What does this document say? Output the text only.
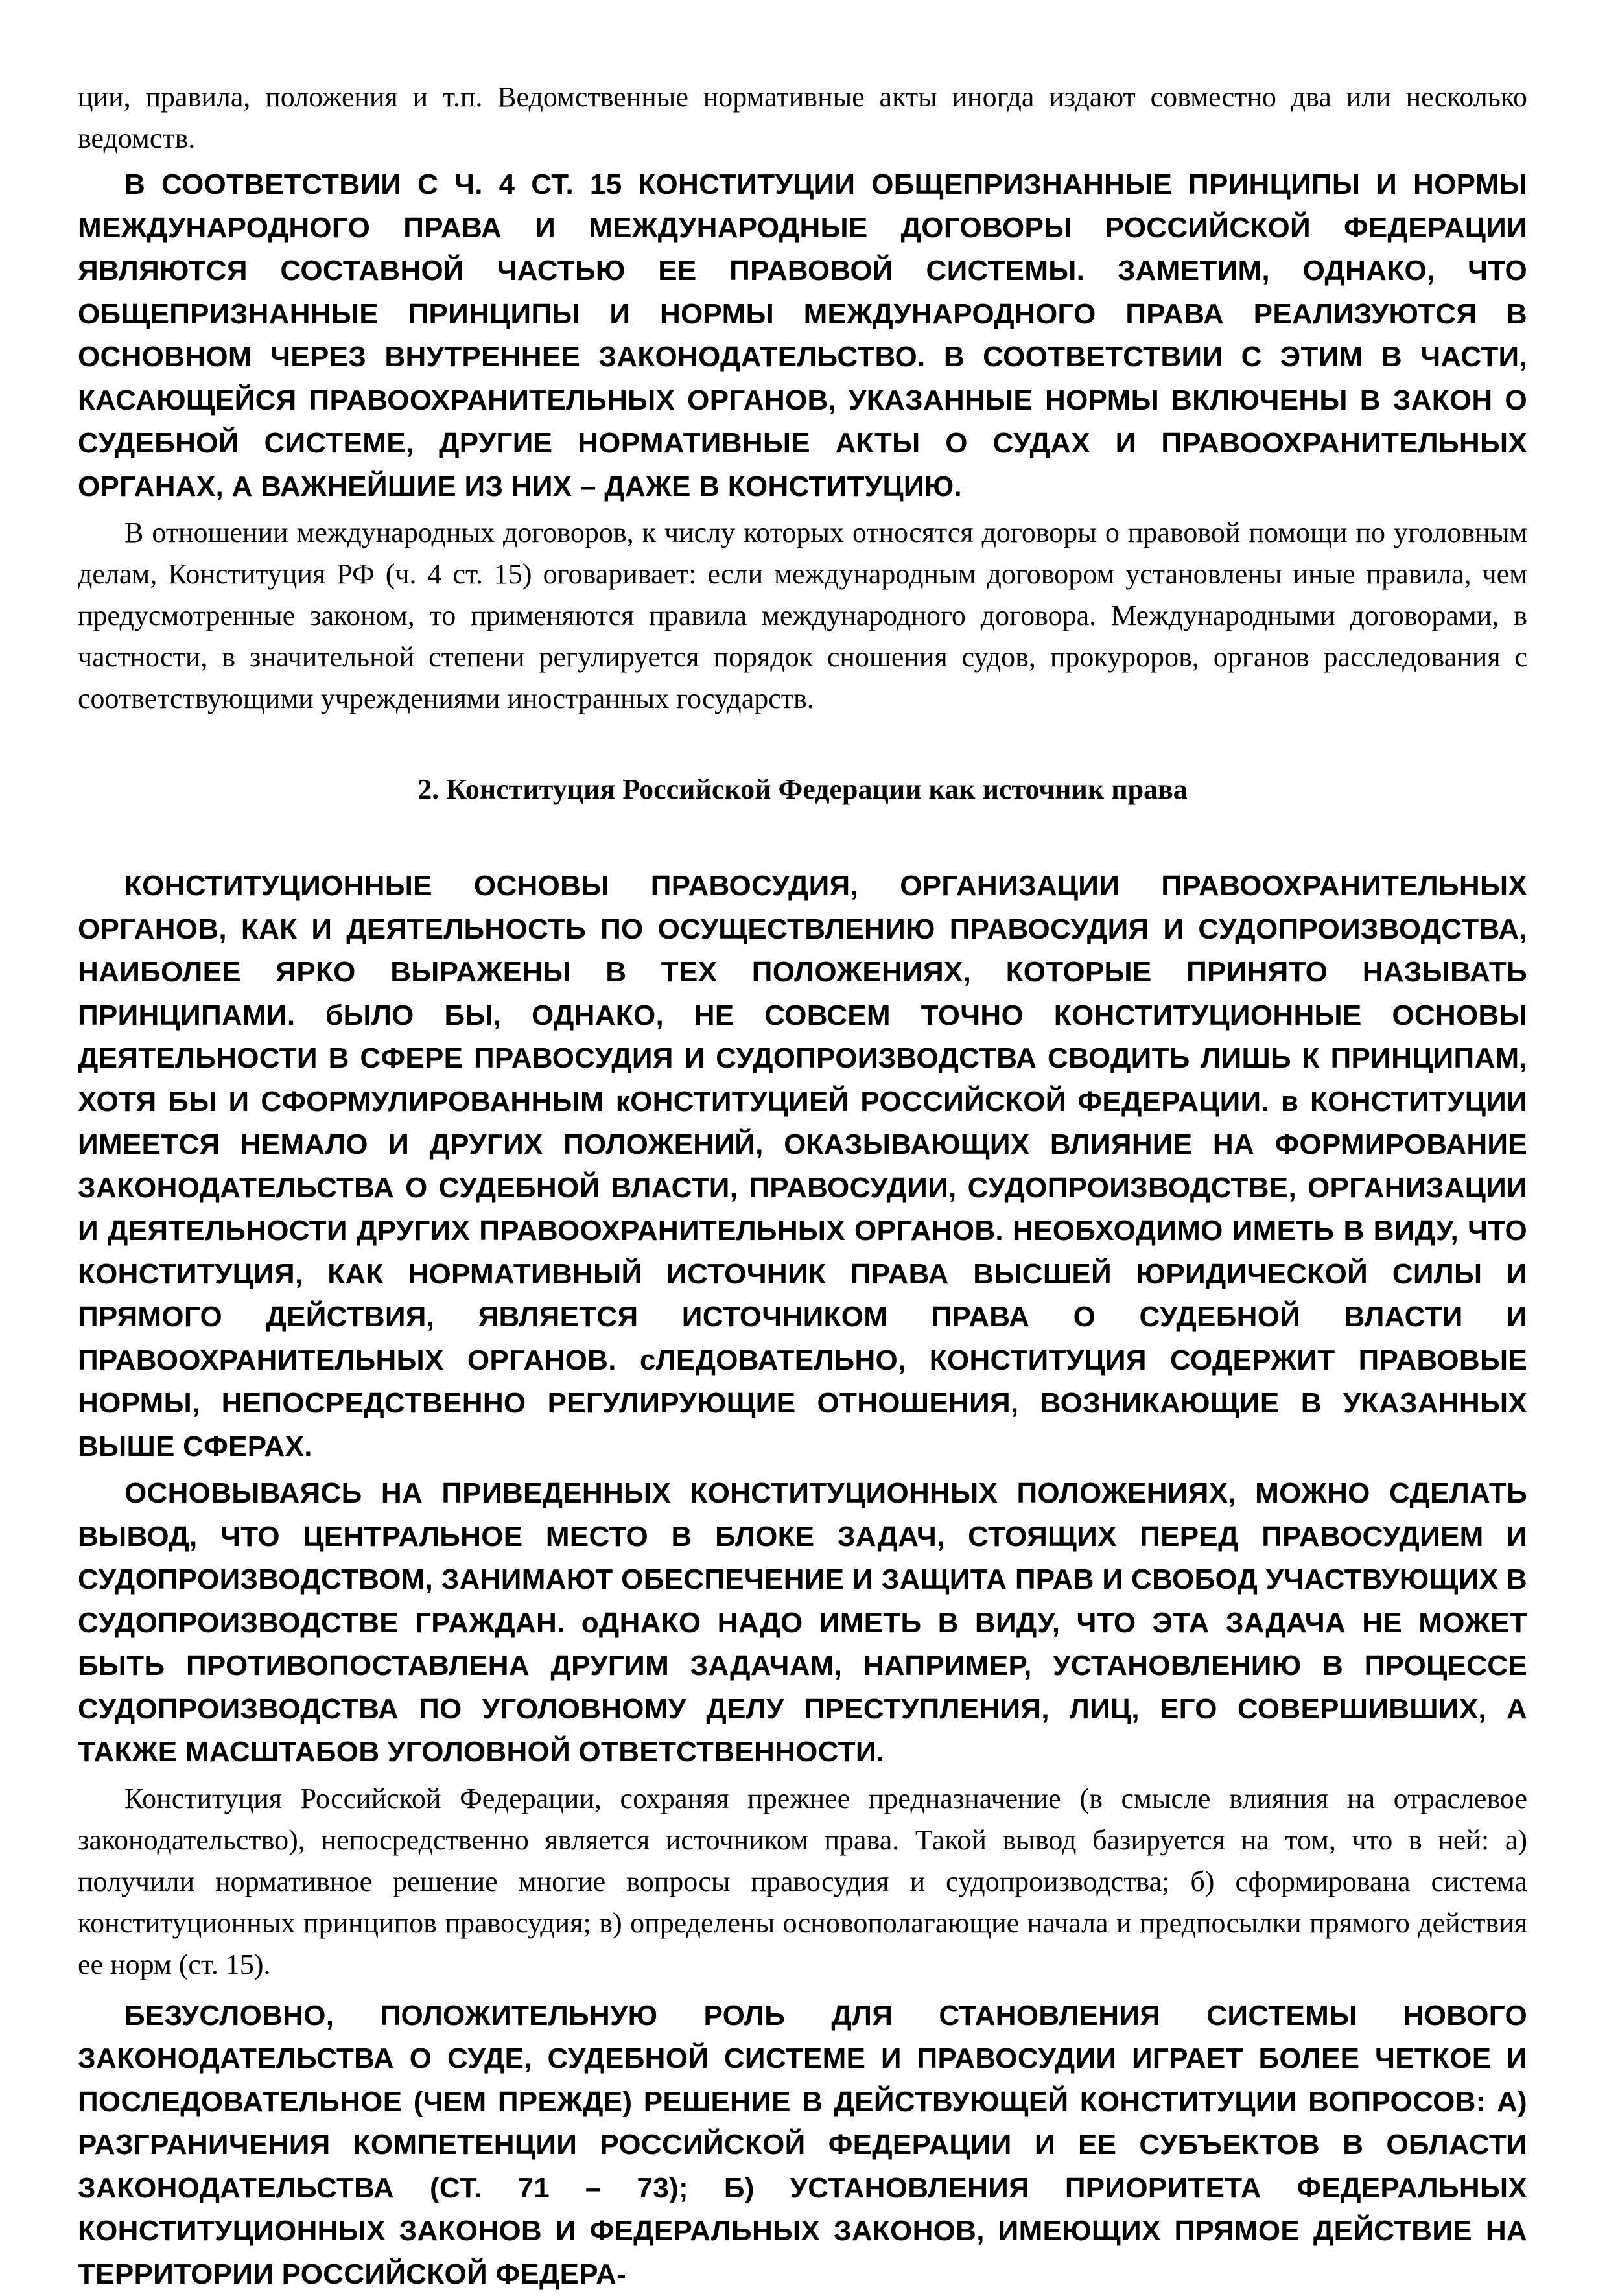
ции, правила, положения и т.п. Ведомственные нормативные акты иногда издают совместно два или несколько ведомств.

В СООТВЕТСТВИИ С Ч. 4 СТ. 15 КОНСТИТУЦИИ ОБЩЕПРИЗНАННЫЕ ПРИНЦИПЫ И НОРМЫ МЕЖДУНАРОДНОГО ПРАВА И МЕЖДУНАРОДНЫЕ ДОГОВОРЫ РОССИЙСКОЙ ФЕДЕРАЦИИ ЯВЛЯЮТСЯ СОСТАВНОЙ ЧАСТЬЮ ЕЕ ПРАВОВОЙ СИСТЕМЫ. ЗАМЕТИМ, ОДНАКО, ЧТО ОБЩЕПРИЗНАННЫЕ ПРИНЦИПЫ И НОРМЫ МЕЖДУНАРОДНОГО ПРАВА РЕАЛИЗУЮТСЯ В ОСНОВНОМ ЧЕРЕЗ ВНУТРЕННЕЕ ЗАКОНОДАТЕЛЬСТВО. В СООТВЕТСТВИИ С ЭТИМ В ЧАСТИ, КАСАЮЩЕЙСЯ ПРАВООХРАНИТЕЛЬНЫХ ОРГАНОВ, УКАЗАННЫЕ НОРМЫ ВКЛЮЧЕНЫ В ЗАКОН О СУДЕБНОЙ СИСТЕМЕ, ДРУГИЕ НОРМАТИВНЫЕ АКТЫ О СУДАХ И ПРАВООХРАНИТЕЛЬНЫХ ОРГАНАХ, А ВАЖНЕЙШИЕ ИЗ НИХ – ДАЖЕ В КОНСТИТУЦИЮ.

В отношении международных договоров, к числу которых относятся договоры о правовой помощи по уголовным делам, Конституция РФ (ч. 4 ст. 15) оговаривает: если международным договором установлены иные правила, чем предусмотренные законом, то применяются правила международного договора. Международными договорами, в частности, в значительной степени регулируется порядок сношения судов, прокуроров, органов расследования с соответствующими учреждениями иностранных государств.

2. Конституция Российской Федерации как источник права

КОНСТИТУЦИОННЫЕ ОСНОВЫ ПРАВОСУДИЯ, ОРГАНИЗАЦИИ ПРАВООХРАНИТЕЛЬНЫХ ОРГАНОВ, КАК И ДЕЯТЕЛЬНОСТЬ ПО ОСУЩЕСТВЛЕНИЮ ПРАВОСУДИЯ И СУДОПРОИЗВОДСТВА, НАИБОЛЕЕ ЯРКО ВЫРАЖЕНЫ В ТЕХ ПОЛОЖЕНИЯХ, КОТОРЫЕ ПРИНЯТО НАЗЫВАТЬ ПРИНЦИПАМИ. бЫЛО БЫ, ОДНАКО, НЕ СОВСЕМ ТОЧНО КОНСТИТУЦИОННЫЕ ОСНОВЫ ДЕЯТЕЛЬНОСТИ В СФЕРЕ ПРАВОСУДИЯ И СУДОПРОИЗВОДСТВА СВОДИТЬ ЛИШЬ К ПРИНЦИПАМ, ХОТЯ БЫ И СФОРМУЛИРОВАННЫМ кОНСТИТУЦИЕЙ РОССИЙСКОЙ ФЕДЕРАЦИИ. в КОНСТИТУЦИИ ИМЕЕТСЯ НЕМАЛО И ДРУГИХ ПОЛОЖЕНИЙ, ОКАЗЫВАЮЩИХ ВЛИЯНИЕ НА ФОРМИРОВАНИЕ ЗАКОНОДАТЕЛЬСТВА О СУДЕБНОЙ ВЛАСТИ, ПРАВОСУДИИ, СУДОПРОИЗВОДСТВЕ, ОРГАНИЗАЦИИ И ДЕЯТЕЛЬНОСТИ ДРУГИХ ПРАВООХРАНИТЕЛЬНЫХ ОРГАНОВ. НЕОБХОДИМО ИМЕТЬ В ВИДУ, ЧТО КОНСТИТУЦИЯ, КАК НОРМАТИВНЫЙ ИСТОЧНИК ПРАВА ВЫСШЕЙ ЮРИДИЧЕСКОЙ СИЛЫ И ПРЯМОГО ДЕЙСТВИЯ, ЯВЛЯЕТСЯ ИСТОЧНИКОМ ПРАВА О СУДЕБНОЙ ВЛАСТИ И ПРАВООХРАНИТЕЛЬНЫХ ОРГАНОВ. сЛЕДОВАТЕЛЬНО, КОНСТИТУЦИЯ СОДЕРЖИТ ПРАВОВЫЕ НОРМЫ, НЕПОСРЕДСТВЕННО РЕГУЛИРУЮЩИЕ ОТНОШЕНИЯ, ВОЗНИКАЮЩИЕ В УКАЗАННЫХ ВЫШЕ СФЕРАХ.

ОСНОВЫВАЯСЬ НА ПРИВЕДЕННЫХ КОНСТИТУЦИОННЫХ ПОЛОЖЕНИЯХ, МОЖНО СДЕЛАТЬ ВЫВОД, ЧТО ЦЕНТРАЛЬНОЕ МЕСТО В БЛОКЕ ЗАДАЧ, СТОЯЩИХ ПЕРЕД ПРАВОСУДИЕМ И СУДОПРОИЗВОДСТВОМ, ЗАНИМАЮТ ОБЕСПЕЧЕНИЕ И ЗАЩИТА ПРАВ И СВОБОД УЧАСТВУЮЩИХ В СУДОПРОИЗВОДСТВЕ ГРАЖДАН. оДНАКО НАДО ИМЕТЬ В ВИДУ, ЧТО ЭТА ЗАДАЧА НЕ МОЖЕТ БЫТЬ ПРОТИВОПОСТАВЛЕНА ДРУГИМ ЗАДАЧАМ, НАПРИМЕР, УСТАНОВЛЕНИЮ В ПРОЦЕССЕ СУДОПРОИЗВОДСТВА ПО УГОЛОВНОМУ ДЕЛУ ПРЕСТУПЛЕНИЯ, ЛИЦ, ЕГО СОВЕРШИВШИХ, А ТАКЖЕ МАСШТАБОВ УГОЛОВНОЙ ОТВЕТСТВЕННОСТИ.

Конституция Российской Федерации, сохраняя прежнее предназначение (в смысле влияния на отраслевое законодательство), непосредственно является источником права. Такой вывод базируется на том, что в ней: а) получили нормативное решение многие вопросы правосудия и судопроизводства; б) сформирована система конституционных принципов правосудия; в) определены основополагающие начала и предпосылки прямого действия ее норм (ст. 15).

БЕЗУСЛОВНО, ПОЛОЖИТЕЛЬНУЮ РОЛЬ ДЛЯ СТАНОВЛЕНИЯ СИСТЕМЫ НОВОГО ЗАКОНОДАТЕЛЬСТВА О СУДЕ, СУДЕБНОЙ СИСТЕМЕ И ПРАВОСУДИИ ИГРАЕТ БОЛЕЕ ЧЕТКОЕ И ПОСЛЕДОВАТЕЛЬНОЕ (ЧЕМ ПРЕЖДЕ) РЕШЕНИЕ В ДЕЙСТВУЮЩЕЙ КОНСТИТУЦИИ ВОПРОСОВ: А) РАЗГРАНИЧЕНИЯ КОМПЕТЕНЦИИ РОССИЙСКОЙ ФЕДЕРАЦИИ И ЕЕ СУБЪЕКТОВ В ОБЛАСТИ ЗАКОНОДАТЕЛЬСТВА (СТ. 71 – 73); Б) УСТАНОВЛЕНИЯ ПРИОРИТЕТА ФЕДЕРАЛЬНЫХ КОНСТИТУЦИОННЫХ ЗАКОНОВ И ФЕДЕРАЛЬНЫХ ЗАКОНОВ, ИМЕЮЩИХ ПРЯМОЕ ДЕЙСТВИЕ НА ТЕРРИТОРИИ РОССИЙСКОЙ ФЕДЕРА-
